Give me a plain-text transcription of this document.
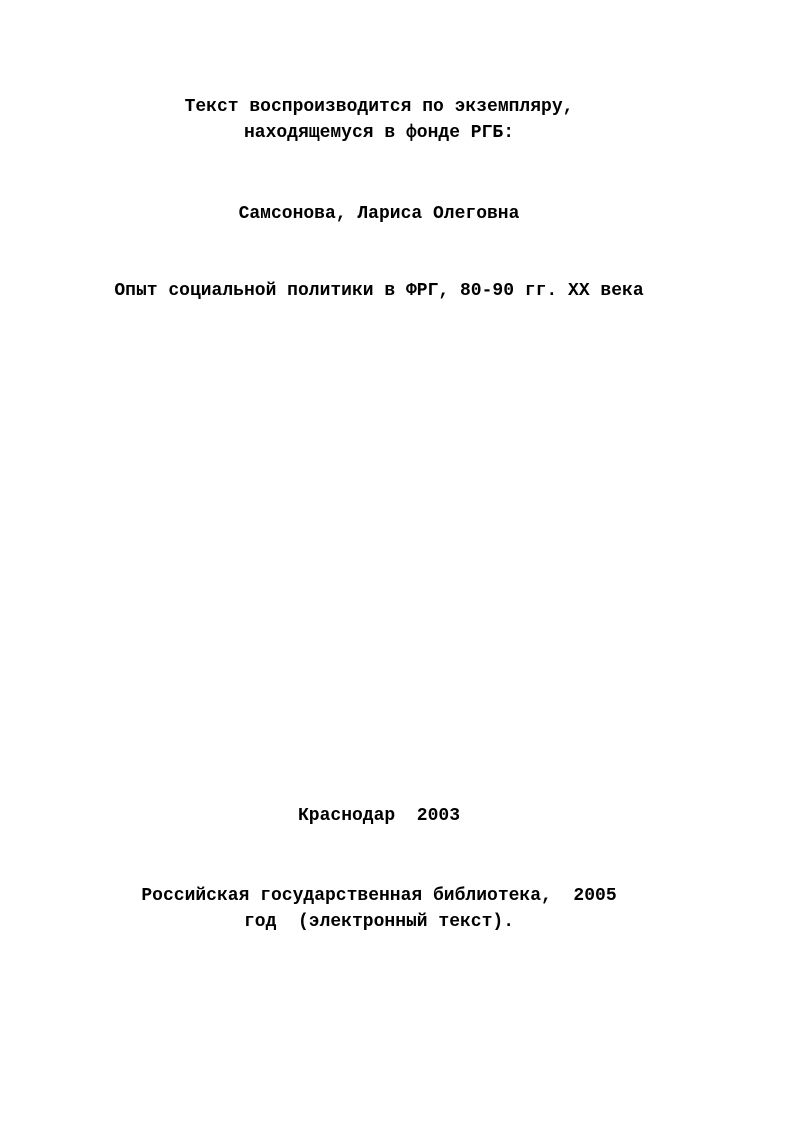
Текст воспроизводится по экземпляру,

находящемуся в фонде РГБ:

Самсонова, Лариса Олеговна

Опыт социальной политики в ФРГ, 80-90 гг. XX века

Краснодар  2003

Российская государственная библиотека,  2005

год  (электронный текст).
